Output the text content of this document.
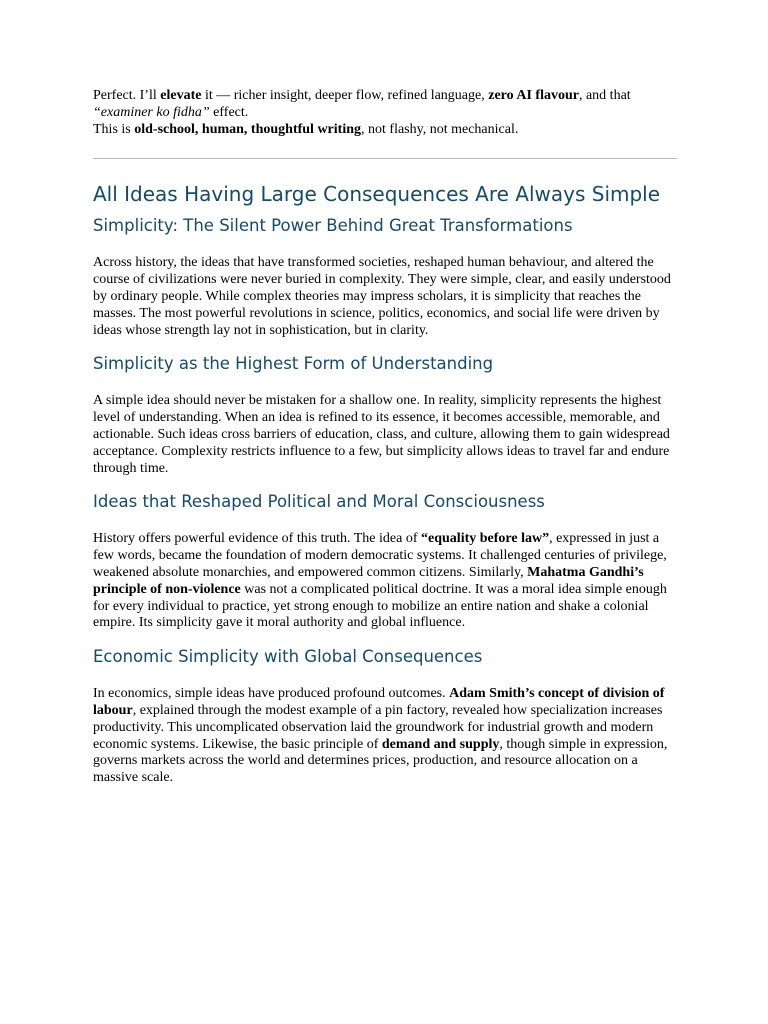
Perfect. I’ll elevate it — richer insight, deeper flow, refined language, zero AI flavour, and that “examiner ko fidha” effect.
This is old-school, human, thoughtful writing, not flashy, not mechanical.

All Ideas Having Large Consequences Are Always Simple
Simplicity: The Silent Power Behind Great Transformations

Across history, the ideas that have transformed societies, reshaped human behaviour, and altered the course of civilizations were never buried in complexity. They were simple, clear, and easily understood by ordinary people. While complex theories may impress scholars, it is simplicity that reaches the masses. The most powerful revolutions in science, politics, economics, and social life were driven by ideas whose strength lay not in sophistication, but in clarity.

Simplicity as the Highest Form of Understanding

A simple idea should never be mistaken for a shallow one. In reality, simplicity represents the highest level of understanding. When an idea is refined to its essence, it becomes accessible, memorable, and actionable. Such ideas cross barriers of education, class, and culture, allowing them to gain widespread acceptance. Complexity restricts influence to a few, but simplicity allows ideas to travel far and endure through time.

Ideas that Reshaped Political and Moral Consciousness

History offers powerful evidence of this truth. The idea of “equality before law”, expressed in just a few words, became the foundation of modern democratic systems. It challenged centuries of privilege, weakened absolute monarchies, and empowered common citizens. Similarly, Mahatma Gandhi’s principle of non-violence was not a complicated political doctrine. It was a moral idea simple enough for every individual to practice, yet strong enough to mobilize an entire nation and shake a colonial empire. Its simplicity gave it moral authority and global influence.

Economic Simplicity with Global Consequences

In economics, simple ideas have produced profound outcomes. Adam Smith’s concept of division of labour, explained through the modest example of a pin factory, revealed how specialization increases productivity. This uncomplicated observation laid the groundwork for industrial growth and modern economic systems. Likewise, the basic principle of demand and supply, though simple in expression, governs markets across the world and determines prices, production, and resource allocation on a massive scale.
